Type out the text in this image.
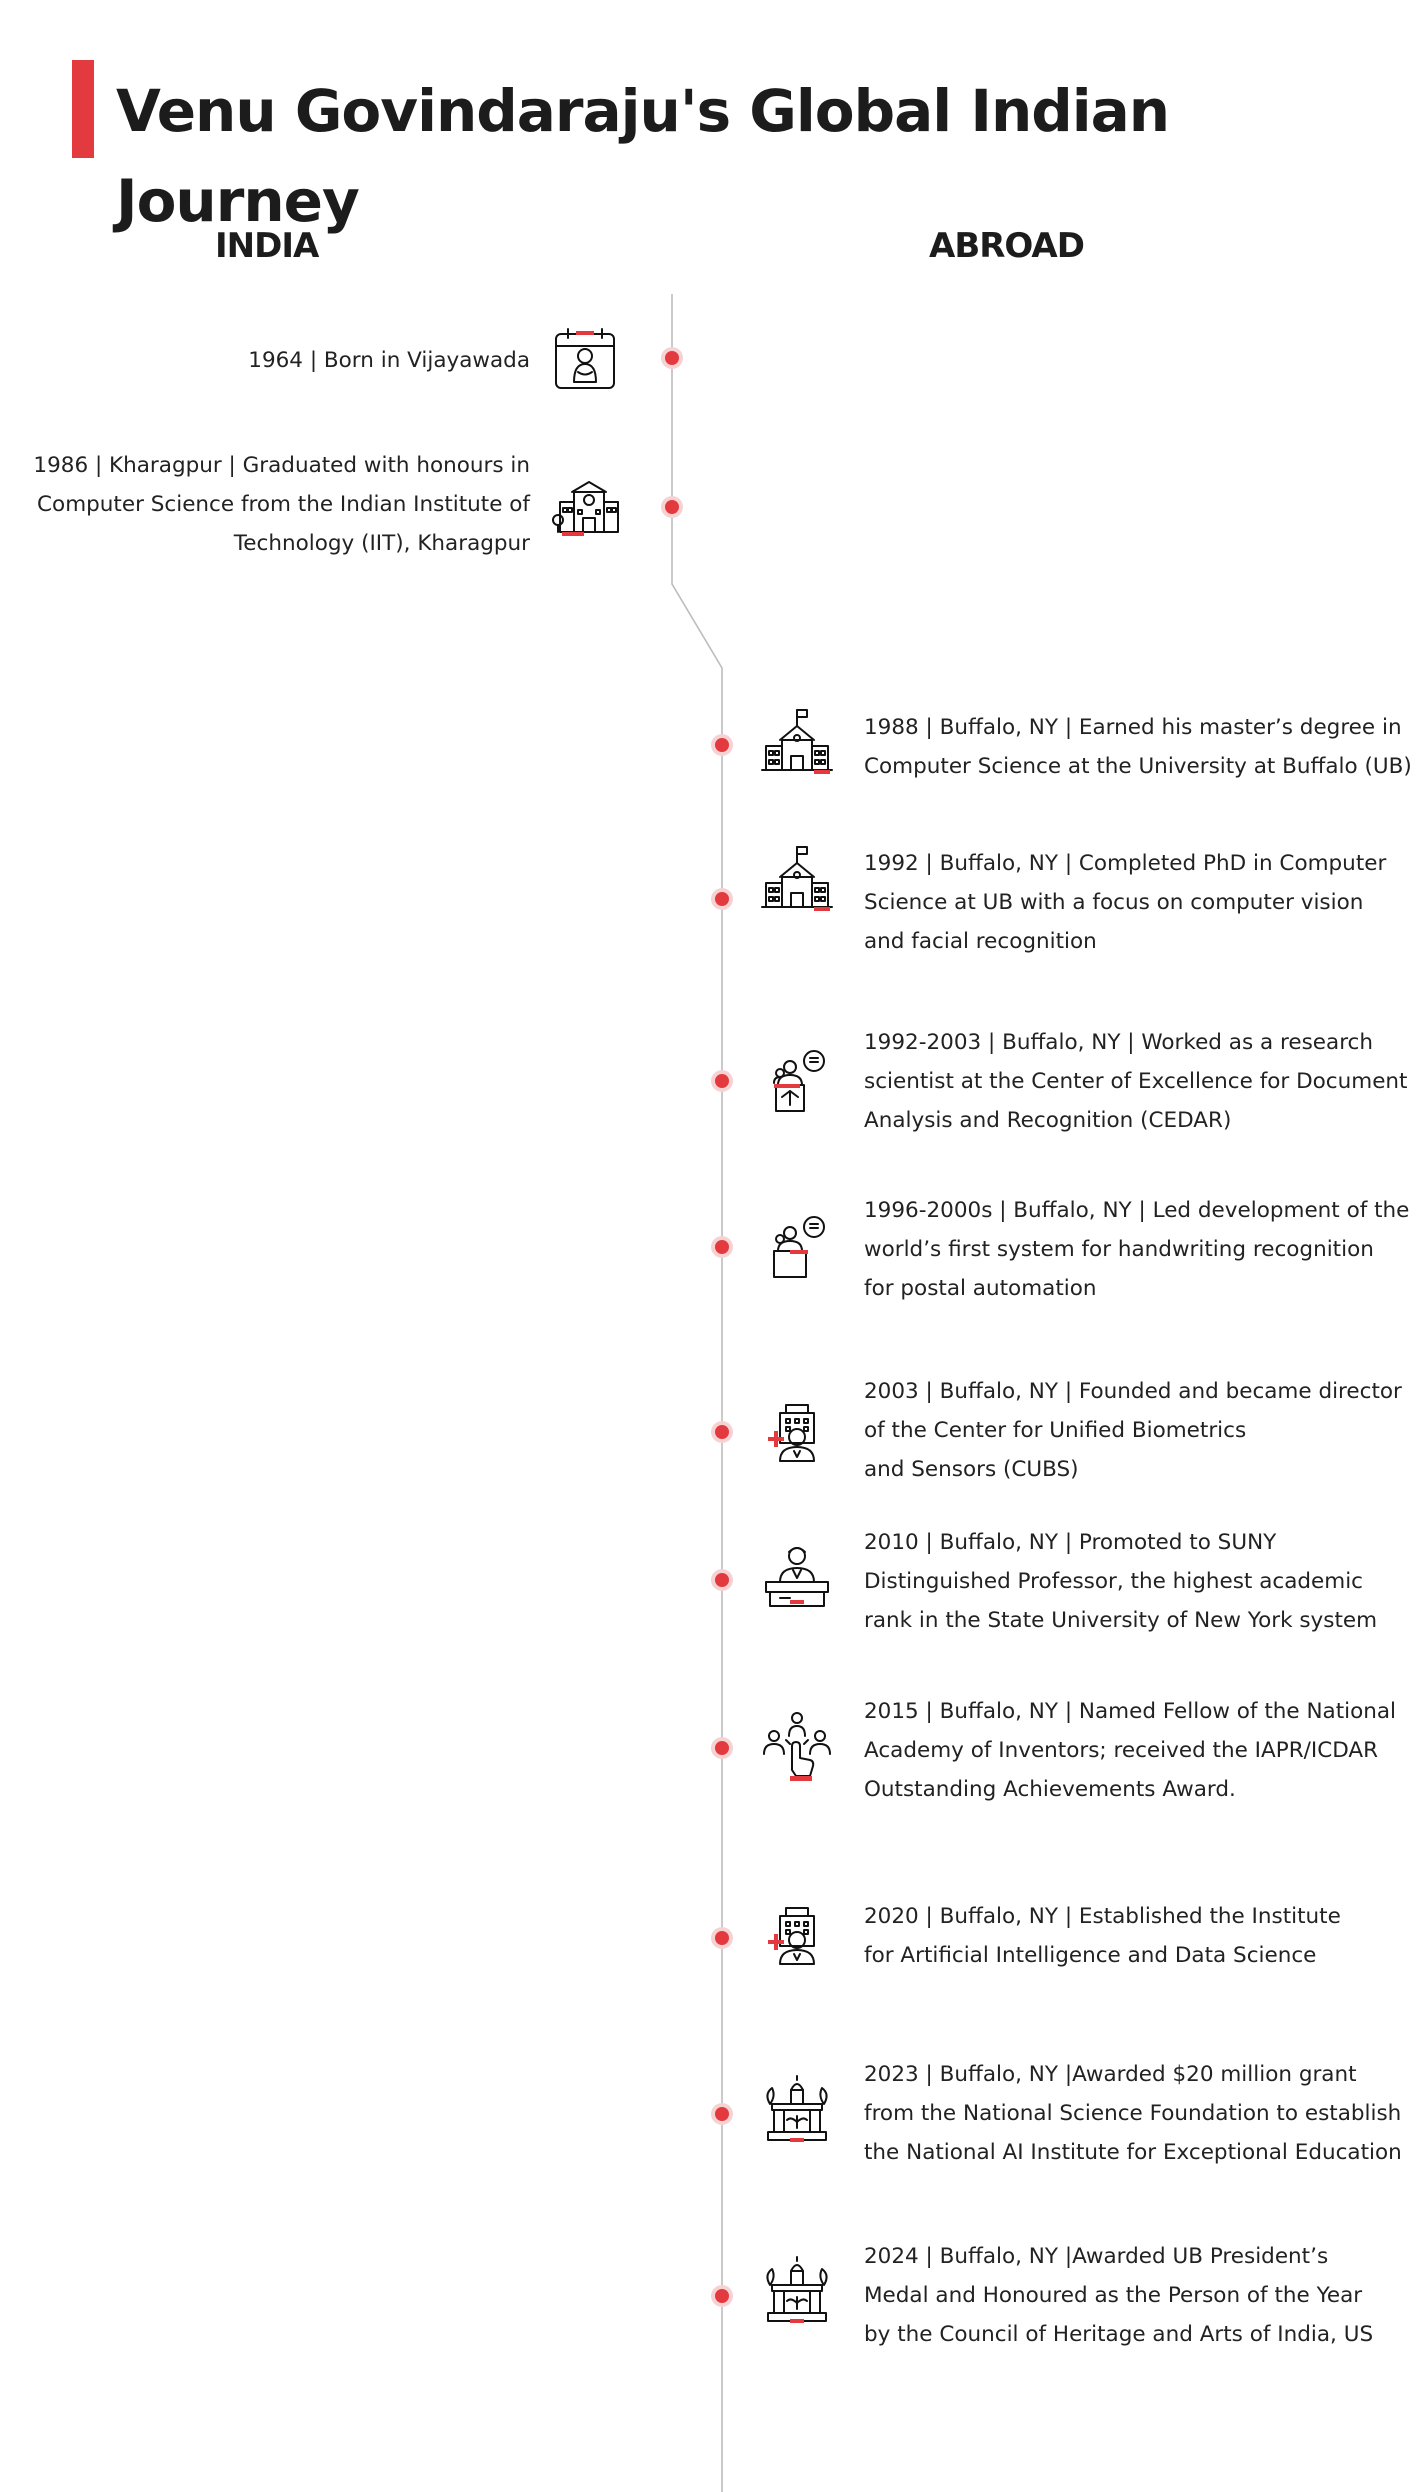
Venu Govindaraju's Global Indian Journey
INDIA	ABROAD

1964 | Born in Vijayawada

1986 | Kharagpur | Graduated with honours in
Computer Science from the Indian Institute of
Technology (IIT), Kharagpur

1988 | Buffalo, NY | Earned his master’s degree in
Computer Science at the University at Buffalo (UB)

1992 | Buffalo, NY | Completed PhD in Computer
Science at UB with a focus on computer vision
and facial recognition

1992-2003 | Buffalo, NY | Worked as a research
scientist at the Center of Excellence for Document
Analysis and Recognition (CEDAR)

1996-2000s | Buffalo, NY | Led development of the
world’s first system for handwriting recognition
for postal automation

2003 | Buffalo, NY | Founded and became director
of the Center for Unified Biometrics
and Sensors (CUBS)

2010 | Buffalo, NY | Promoted to SUNY
Distinguished Professor, the highest academic
rank in the State University of New York system

2015 | Buffalo, NY | Named Fellow of the National
Academy of Inventors; received the IAPR/ICDAR
Outstanding Achievements Award.

2020 | Buffalo, NY | Established the Institute
for Artificial Intelligence and Data Science

2023 | Buffalo, NY |Awarded $20 million grant
from the National Science Foundation to establish
the National AI Institute for Exceptional Education

2024 | Buffalo, NY |Awarded UB President’s
Medal and Honoured as the Person of the Year
by the Council of Heritage and Arts of India, US
